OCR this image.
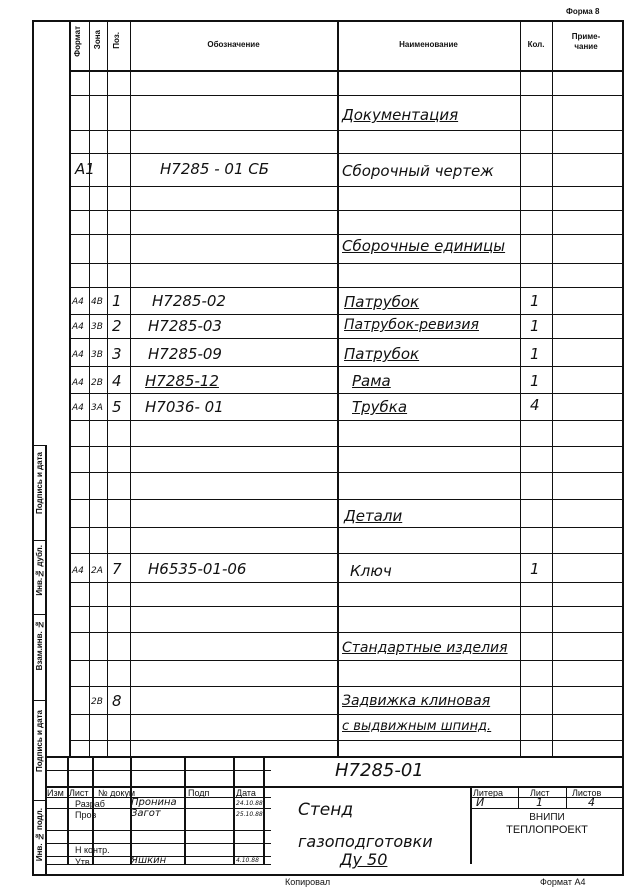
Форма 8
Формат Зона Поз.	Обозначение	Наименование	Кол.
Приме-
чание
Документация
A1	Н7285 - 01 СБ	Сборочный чертеж
Сборочные единицы
A4 4B 1 Н7285-02	Патрубок	1
A4 3B 2 Н7285-03	Патрубок-ревизия	1
A4 3B 3 Н7285-09	Патрубок	1
A4 2B 4 Н7285-12	Рама	1
A4 3A 5 Н7036- 01	Трубка	4
Детали
A4 2A 7 Н6535-01-06	Ключ	1
Стандартные изделия
2B 8	Задвижка клиновая
с выдвижным шпинд.
Подпись и дата
Инв.№ дубл.
Взам.инв. №
Подпись и дата
Инв. № подл.
Изм Лист № докум	Подп	Дата
Разраб	Пронина	24.10.88
Пров	Загот	25.10.88
Н контр.
Утв	Яшкин	4.10.88
Н7285-01
Стенд
газоподготовки
Ду 50
Литера	Лист Листов
И	1	4
ВНИПИ
ТЕПЛОПРОЕКТ
Копировал	Формат А4
